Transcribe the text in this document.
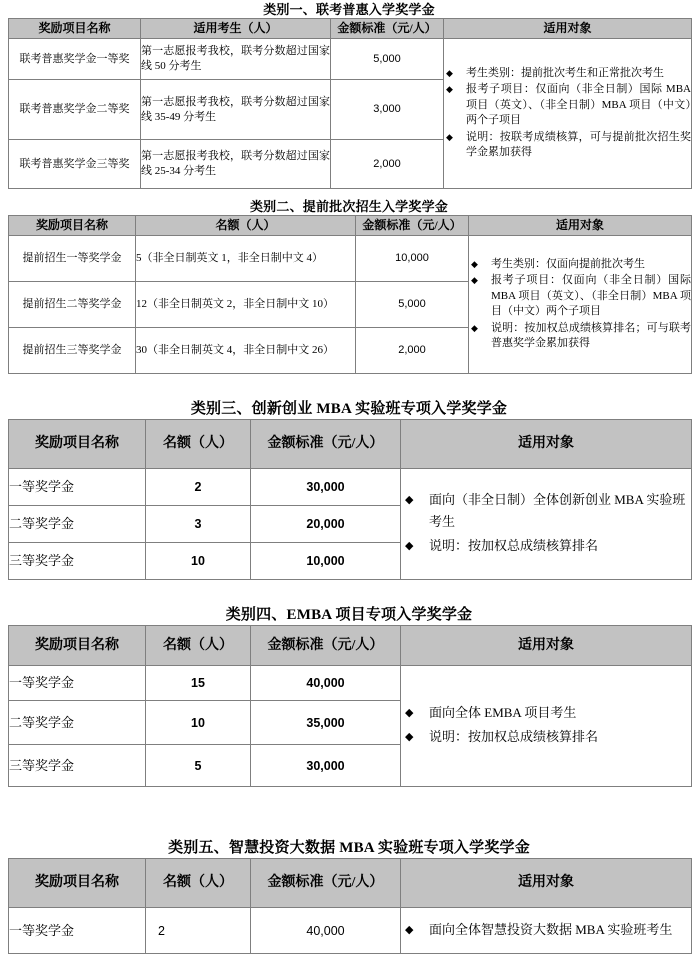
类别一、联考普惠入学奖学金
奖励项目名称	适用考生（人）	金额标准（元/人）	适用对象
联考普惠奖学金一等奖	第一志愿报考我校，联考分数超过国家线 50 分考生	5,000	
◆ 考生类别：提前批次考生和正常批次考生
◆ 报考子项目：仅面向（非全日制）国际 MBA 项目（英文）、（非全日制）MBA 项目（中文）两个子项目
◆ 说明：按联考成绩核算，可与提前批次招生奖学金累加获得

联考普惠奖学金二等奖	第一志愿报考我校，联考分数超过国家线 35-49 分考生	3,000	
联考普惠奖学金三等奖	第一志愿报考我校，联考分数超过国家线 25-34 分考生	2,000	
类别二、提前批次招生入学奖学金
奖励项目名称	名额（人）	金额标准（元/人）	适用对象
提前招生一等奖学金	5（非全日制英文 1，非全日制中文 4）	10,000	
◆考生类别：仅面向提前批次考生
◆ 报考子项目：仅面向（非全日制）国际 MBA 项目（英文）、（非全日制）MBA 项目（中文）两个子项目
◆ 说明：按加权总成绩核算排名；可与联考普惠奖学金累加获得

提前招生二等奖学金	12（非全日制英文 2，非全日制中文 10）	5,000	
提前招生三等奖学金	30（非全日制英文 4，非全日制中文 26）	2,000	
类别三、创新创业 MBA 实验班专项入学奖学金
奖励项目名称	名额（人）	金额标准（元/人）	适用对象
一等奖学金	2	30,000	
◆ 面向（非全日制）全体创新创业 MBA 实验班考生
◆ 说明：按加权总成绩核算排名

二等奖学金	3	20,000	
三等奖学金	10	10,000	
类别四、EMBA 项目专项入学奖学金
奖励项目名称	名额（人）	金额标准（元/人）	适用对象
一等奖学金	15	40,000	
◆ 面向全体 EMBA 项目考生
◆ 说明：按加权总成绩核算排名

二等奖学金	10	35,000	
三等奖学金	5	30,000	
类别五、智慧投资大数据 MBA 实验班专项入学奖学金
奖励项目名称	名额（人）	金额标准（元/人）	适用对象
一等奖学金	2	40,000	
◆面向全体智慧投资大数据 MBA 实验班考生
